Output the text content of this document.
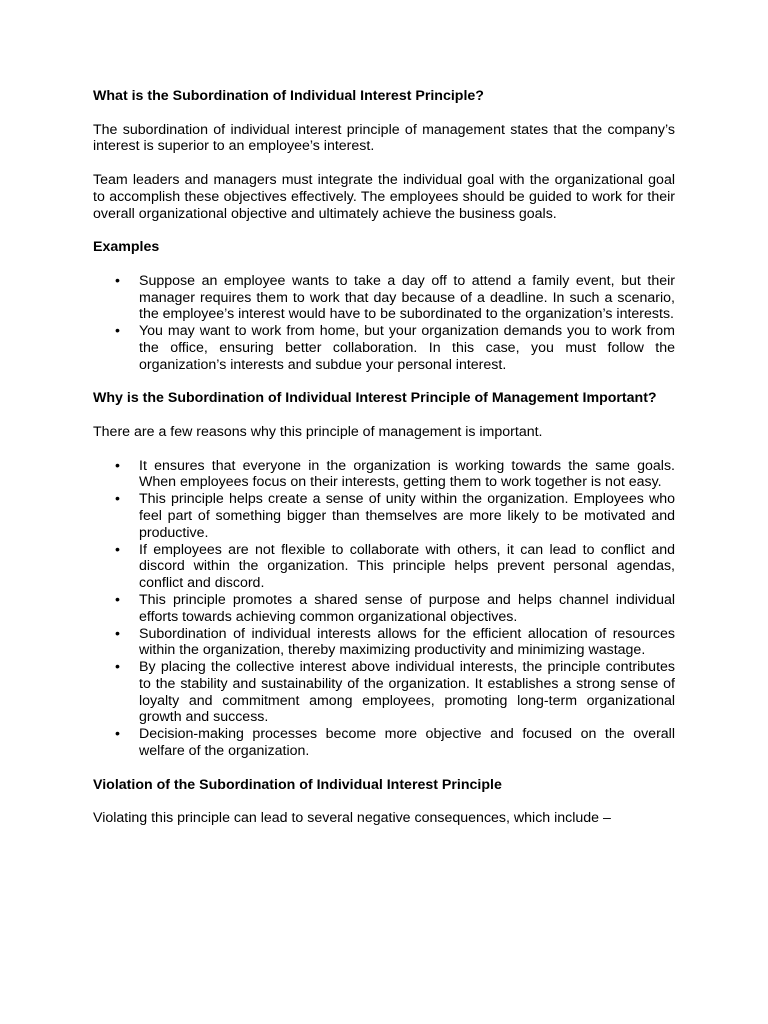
What is the Subordination of Individual Interest Principle?

The subordination of individual interest principle of management states that the company’s interest is superior to an employee’s interest.

Team leaders and managers must integrate the individual goal with the organizational goal to accomplish these objectives effectively. The employees should be guided to work for their overall organizational objective and ultimately achieve the business goals.

Examples

• Suppose an employee wants to take a day off to attend a family event, but their manager requires them to work that day because of a deadline. In such a scenario, the employee’s interest would have to be subordinated to the organization’s interests.
• You may want to work from home, but your organization demands you to work from the office, ensuring better collaboration. In this case, you must follow the organization’s interests and subdue your personal interest.

Why is the Subordination of Individual Interest Principle of Management Important?

There are a few reasons why this principle of management is important.

• It ensures that everyone in the organization is working towards the same goals. When employees focus on their interests, getting them to work together is not easy.
• This principle helps create a sense of unity within the organization. Employees who feel part of something bigger than themselves are more likely to be motivated and productive.
• If employees are not flexible to collaborate with others, it can lead to conflict and discord within the organization. This principle helps prevent personal agendas, conflict and discord.
• This principle promotes a shared sense of purpose and helps channel individual efforts towards achieving common organizational objectives.
• Subordination of individual interests allows for the efficient allocation of resources within the organization, thereby maximizing productivity and minimizing wastage.
• By placing the collective interest above individual interests, the principle contributes to the stability and sustainability of the organization. It establishes a strong sense of loyalty and commitment among employees, promoting long-term organizational growth and success.
• Decision-making processes become more objective and focused on the overall welfare of the organization.

Violation of the Subordination of Individual Interest Principle

Violating this principle can lead to several negative consequences, which include –
